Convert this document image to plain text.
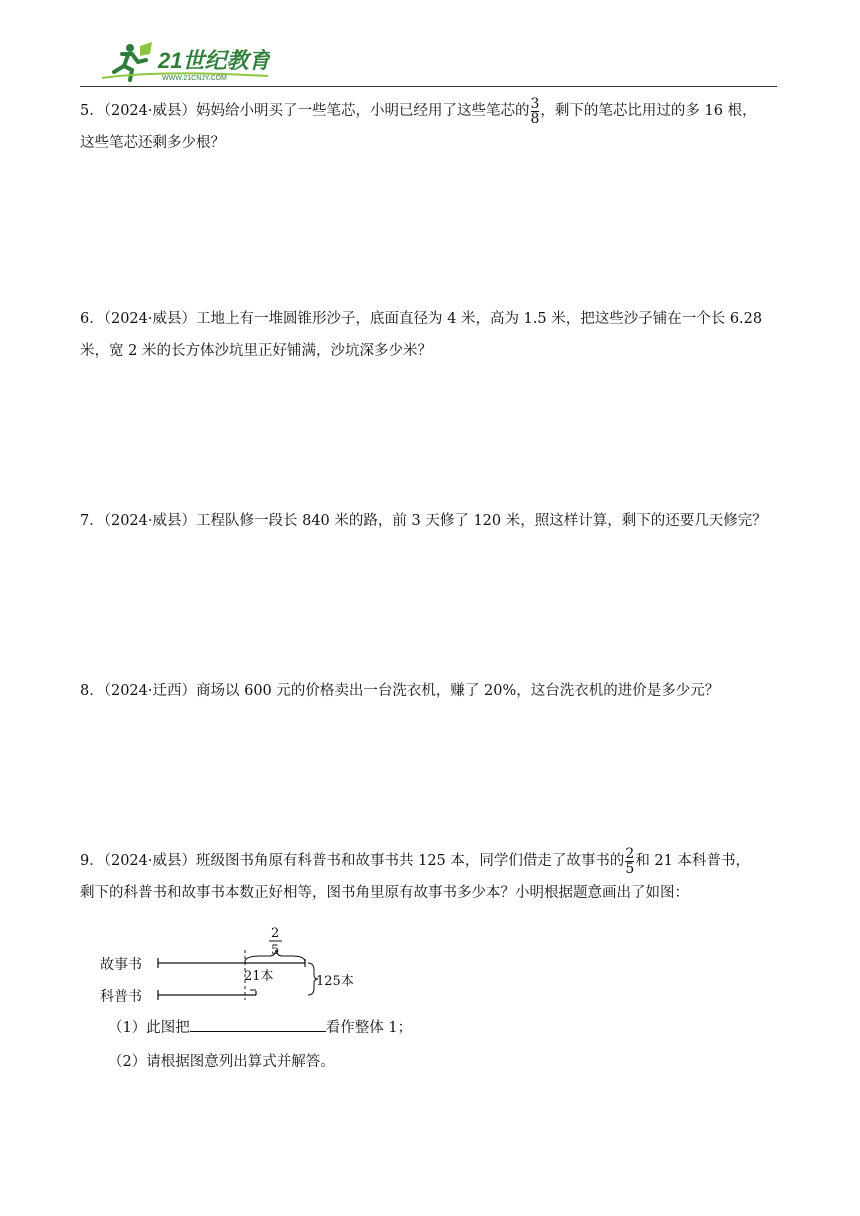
21世纪教育
WWW.21CNJY.COM
5．（2024·威县）妈妈给小明买了一些笔芯，小明已经用了这些笔芯的 $\frac{3}{8}$ ，剩下的笔芯比用过的多 16 根，
这些笔芯还剩多少根？
6．（2024·威县）工地上有一堆圆锥形沙子，底面直径为 4 米，高为 1.5 米，把这些沙子铺在一个长 6.28
米，宽 2 米的长方体沙坑里正好铺满，沙坑深多少米？
7．（2024·威县）工程队修一段长 840 米的路，前 3 天修了 120 米，照这样计算，剩下的还要几天修完？
8．（2024·迁西）商场以 600 元的价格卖出一台洗衣机，赚了 20%，这台洗衣机的进价是多少元？
9．（2024·威县）班级图书角原有科普书和故事书共 125 本，同学们借走了故事书的 $\frac{2}{5}$ 和 21 本科普书，
剩下的科普书和故事书本数正好相等，图书角里原有故事书多少本？小明根据题意画出了如图：
故事书
科普书
2
5
21本	125本
（1）此图把	看作整体 1；
（2）请根据图意列出算式并解答。
